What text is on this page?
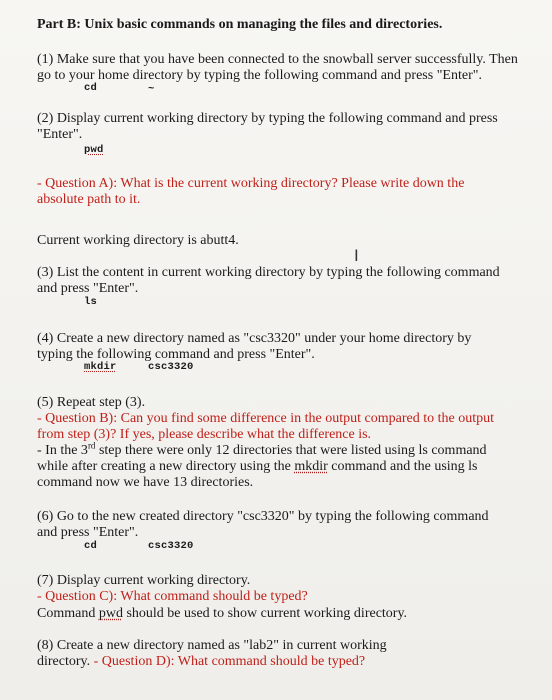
Part B: Unix basic commands on managing the files and directories.
(1) Make sure that you have been connected to the snowball server successfully. Then
go to your home directory by typing the following command and press "Enter".
cd	~
(2) Display current working directory by typing the following command and press
"Enter".
pwd
- Question A): What is the current working directory? Please write down the
absolute path to it.
Current working directory is abutt4.
I
(3) List the content in current working directory by typing the following command
and press "Enter".
ls
(4) Create a new directory named as "csc3320" under your home directory by
typing the following command and press "Enter".
mkdir	csc3320
(5) Repeat step (3).
- Question B): Can you find some difference in the output compared to the output
from step (3)? If yes, please describe what the difference is.
- In the 3rd step there were only 12 directories that were listed using ls command
while after creating a new directory using the mkdir command and the using ls
command now we have 13 directories.
(6) Go to the new created directory "csc3320" by typing the following command
and press "Enter".
cd	csc3320
(7) Display current working directory.
- Question C): What command should be typed?
Command pwd should be used to show current working directory.
(8) Create a new directory named as "lab2" in current working
directory. - Question D): What command should be typed?
